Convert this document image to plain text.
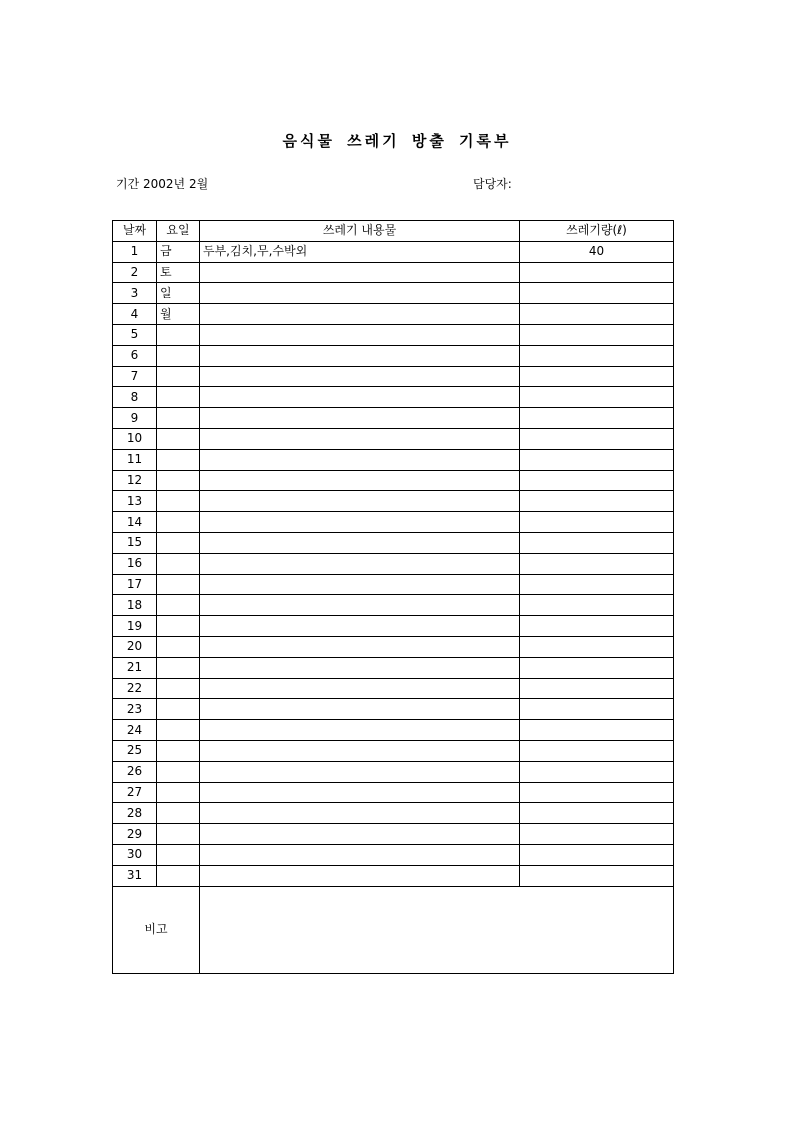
음식물 쓰레기 방출 기록부
기간 2002년 2월	담당자:
날짜	요일	쓰레기 내용물	쓰레기량(ℓ)
1	금	두부,김치,무,수박외	40
2	토		
3	일		
4	월		
5			
6			
7			
8			
9			
10			
11			
12			
13			
14			
15			
16			
17			
18			
19			
20			
21			
22			
23			
24			
25			
26			
27			
28			
29			
30			
31			
비고			
